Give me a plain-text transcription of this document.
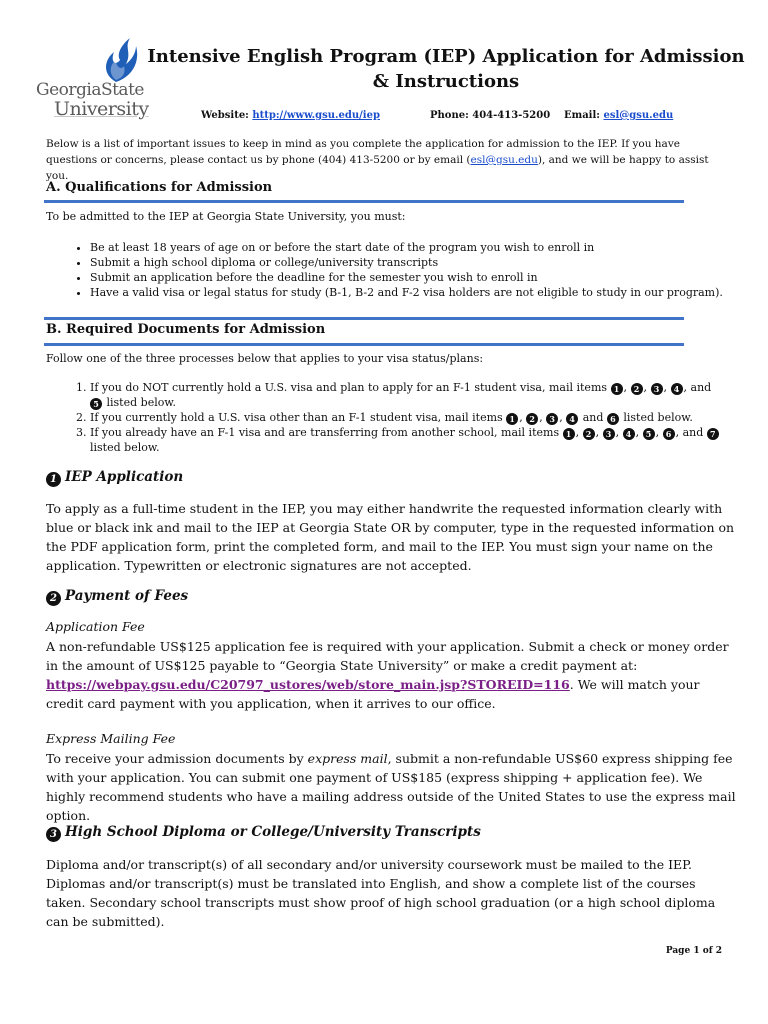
GeorgiaState
University
Intensive English Program (IEP) Application for Admission & Instructions
Website: http://www.gsu.edu/iep	Phone: 404-413-5200 Email: esl@gsu.edu
Below is a list of important issues to keep in mind as you complete the application for admission to the IEP. If you have questions or concerns, please contact us by phone (404) 413-5200 or by email (esl@gsu.edu), and we will be happy to assist you.
A. Qualifications for Admission
To be admitted to the IEP at Georgia State University, you must:
• Be at least 18 years of age on or before the start date of the program you wish to enroll in
• Submit a high school diploma or college/university transcripts
• Submit an application before the deadline for the semester you wish to enroll in
• Have a valid visa or legal status for study (B-1, B-2 and F-2 visa holders are not eligible to study in our program).
B. Required Documents for Admission
Follow one of the three processes below that applies to your visa status/plans:
1. If you do NOT currently hold a U.S. visa and plan to apply for an F-1 student visa, mail items 1 , 2 , 3 , 4 , and
5 listed below.
2. If you currently hold a U.S. visa other than an F-1 student visa, mail items 1 , 2 , 3 , 4 and 6 listed below.
3. If you already have an F-1 visa and are transferring from another school, mail items 1 , 2 , 3 , 4 , 5 , 6 , and 7
listed below.
1 IEP Application
To apply as a full-time student in the IEP, you may either handwrite the requested information clearly with blue or black ink and mail to the IEP at Georgia State OR by computer, type in the requested information on the PDF application form, print the completed form, and mail to the IEP. You must sign your name on the application. Typewritten or electronic signatures are not accepted.
2 Payment of Fees
Application Fee
A non-refundable US$125 application fee is required with your application. Submit a check or money order in the amount of US$125 payable to “Georgia State University” or make a credit payment at: https://webpay.gsu.edu/C20797_ustores/web/store_main.jsp?STOREID=116. We will match your credit card payment with you application, when it arrives to our office.
Express Mailing Fee
To receive your admission documents by express mail, submit a non-refundable US$60 express shipping fee with your application. You can submit one payment of US$185 (express shipping + application fee). We highly recommend students who have a mailing address outside of the United States to use the express mail option.
3 High School Diploma or College/University Transcripts
Diploma and/or transcript(s) of all secondary and/or university coursework must be mailed to the IEP. Diplomas and/or transcript(s) must be translated into English, and show a complete list of the courses taken. Secondary school transcripts must show proof of high school graduation (or a high school diploma can be submitted).
Page 1 of 2
